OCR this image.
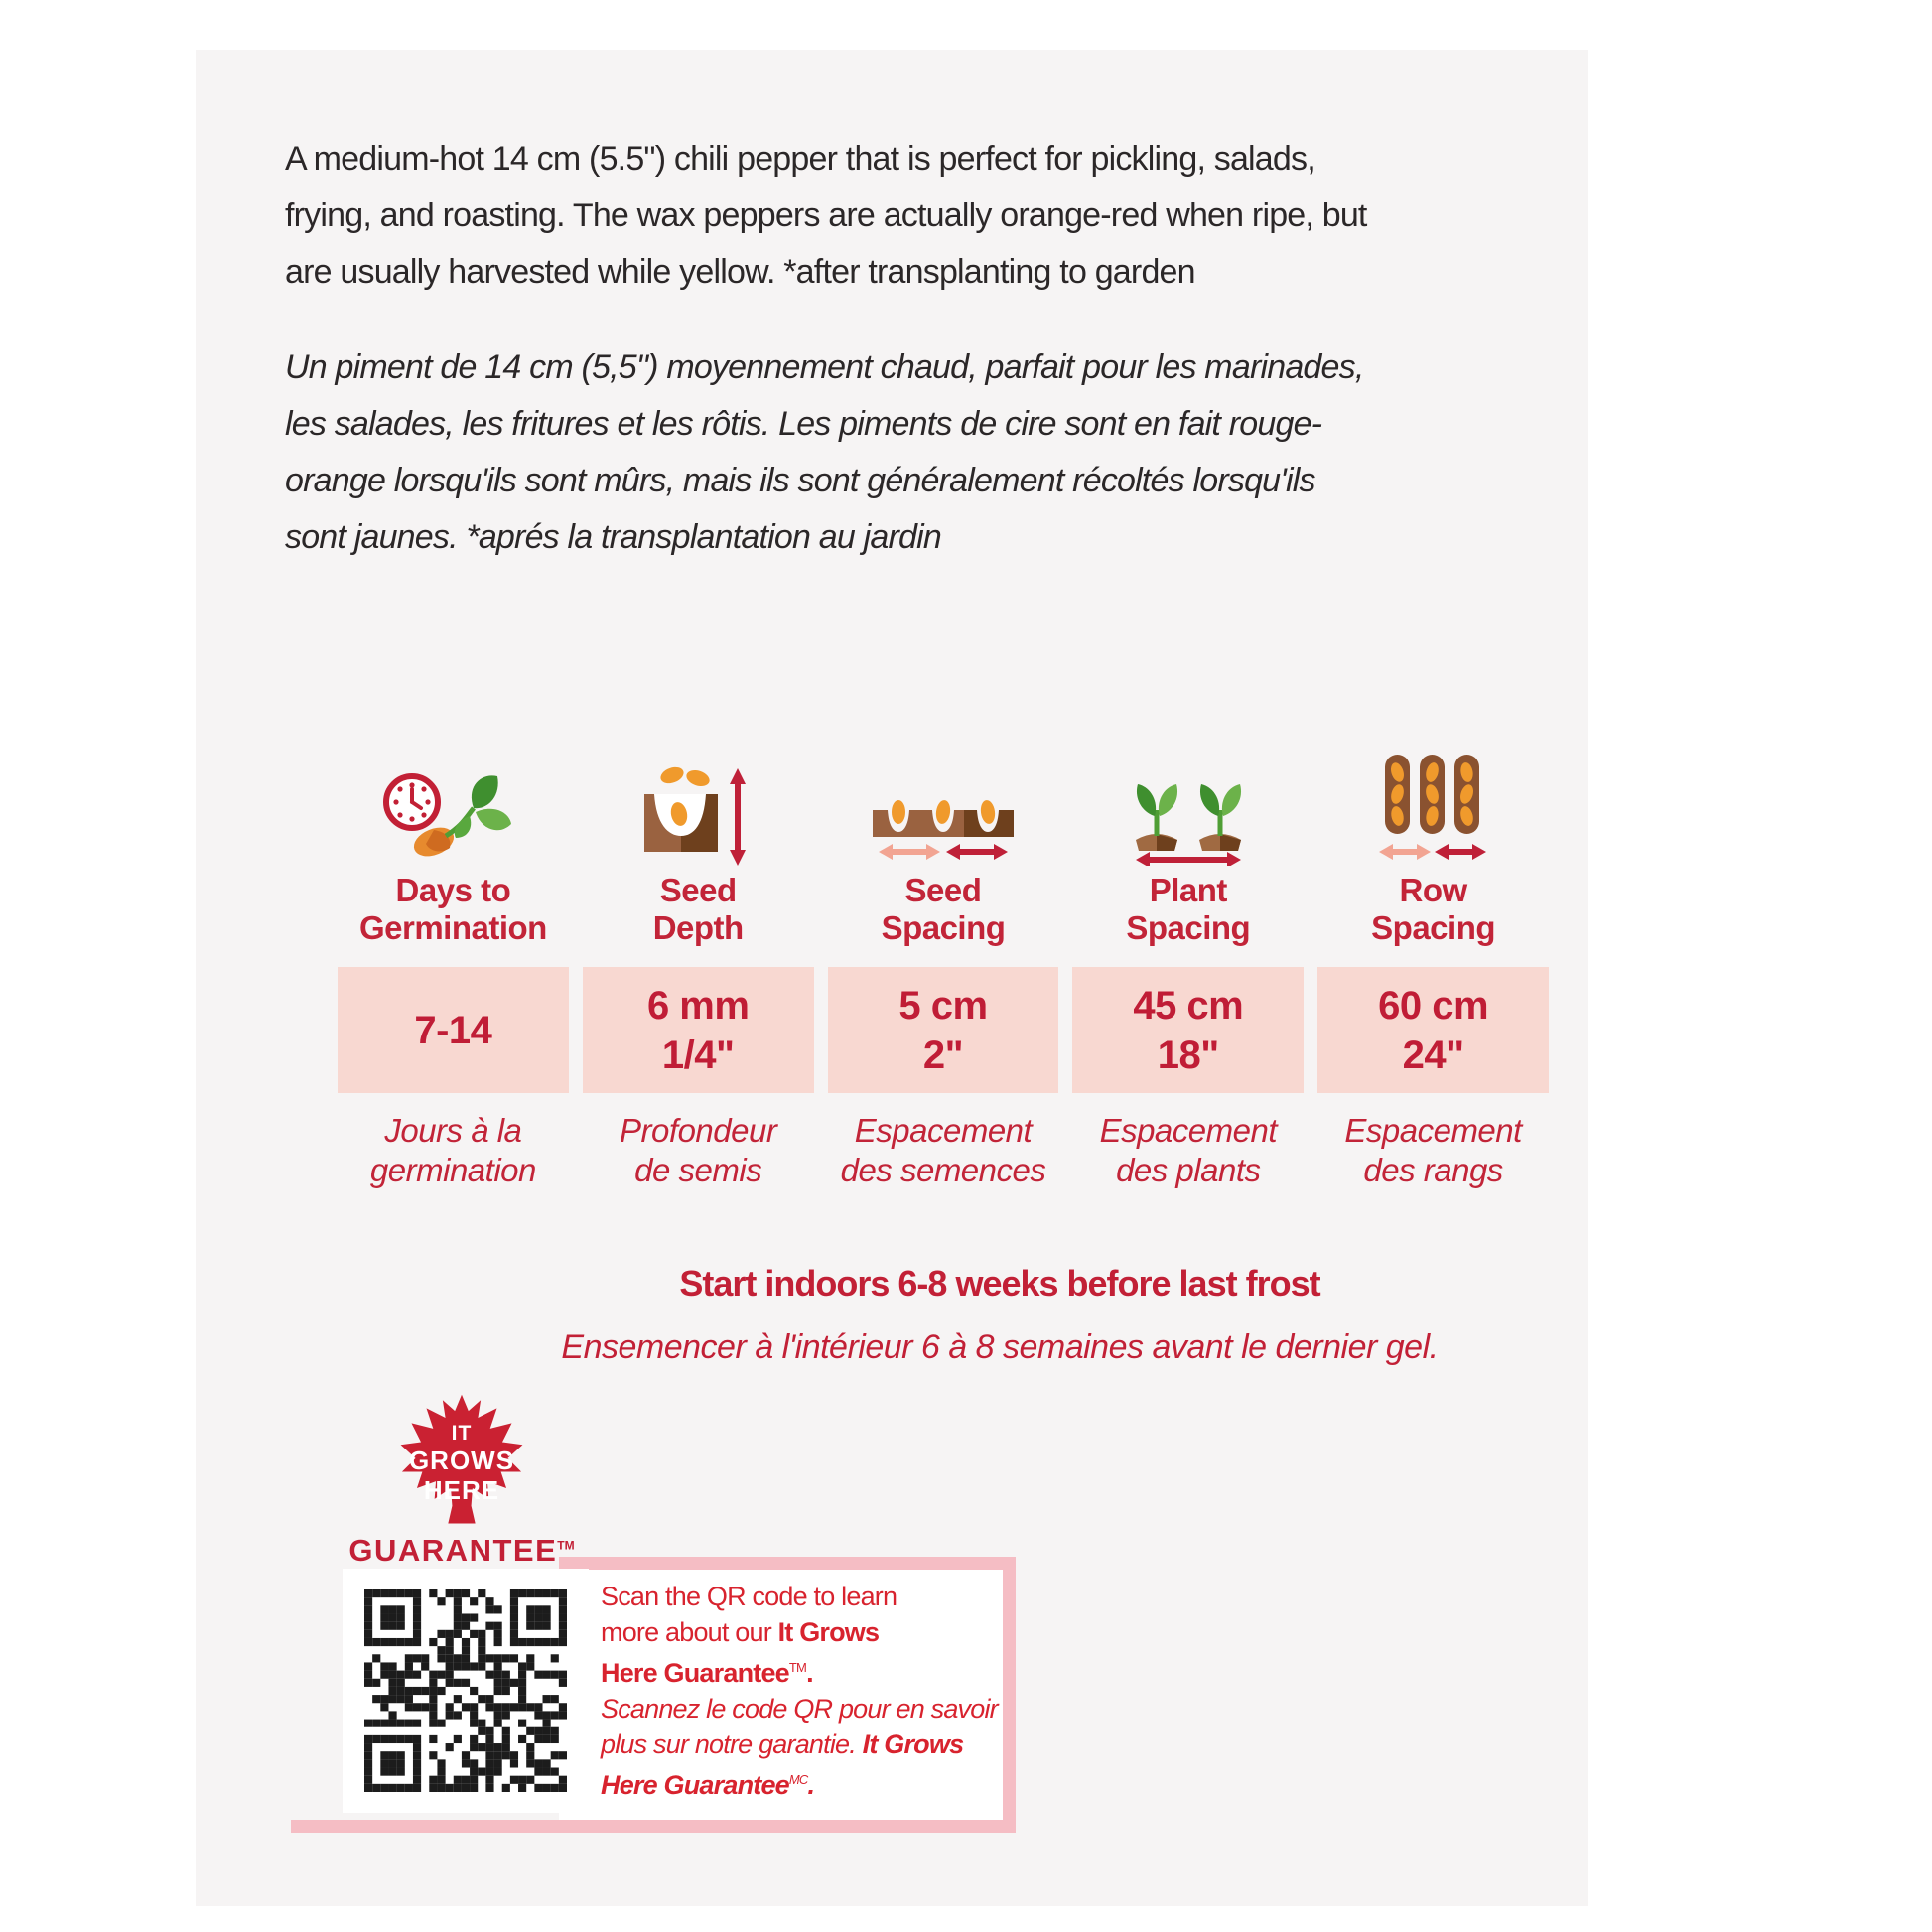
A medium-hot 14 cm (5.5") chili pepper that is perfect for pickling, salads,
frying, and roasting. The wax peppers are actually orange-red when ripe, but
are usually harvested while yellow. *after transplanting to garden
Un piment de 14 cm (5,5") moyennement chaud, parfait pour les marinades,
les salades, les fritures et les rôtis. Les piments de cire sont en fait rouge-
orange lorsqu'ils sont mûrs, mais ils sont généralement récoltés lorsqu'ils
sont jaunes. *aprés la transplantation au jardin
Days to
Germination
7-14
Jours à la
germination
Seed
Depth
6 mm
1/4"
Profondeur
de semis
Seed
Spacing
5 cm
2"
Espacement
des semences
Plant
Spacing
45 cm
18"
Espacement
des plants
Row
Spacing
60 cm
24"
Espacement
des rangs
Start indoors 6-8 weeks before last frost
Ensemencer à l'intérieur 6 à 8 semaines avant le dernier gel.
IT
GROWS
HERE
GUARANTEE™
Scan the QR code to learn
more about our It Grows
Here Guarantee™.
Scannez le code QR pour en savoir
plus sur notre garantie. It Grows
Here Guarantee$^{MC}$.
